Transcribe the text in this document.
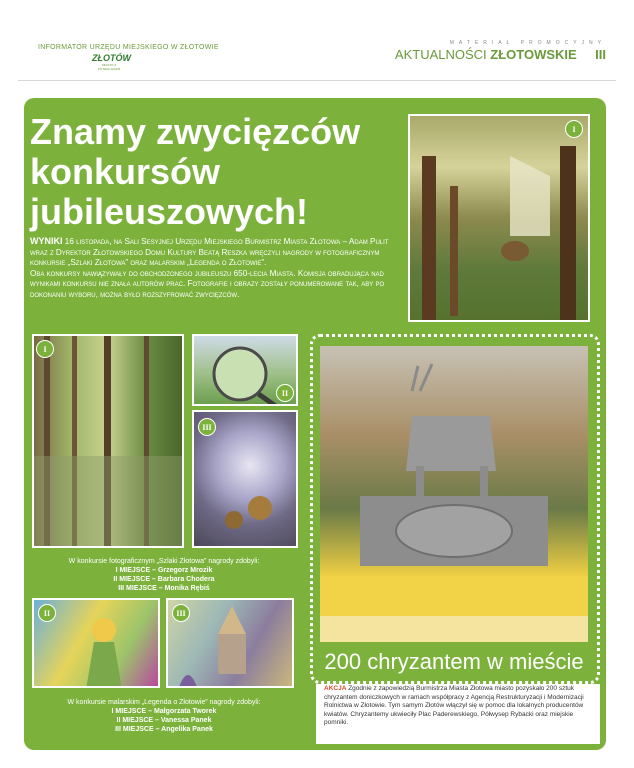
INFORMATOR URZĘDU MIEJSKIEGO W ZŁOTOWIE
ZŁOTÓW
MIASTO Z POTENCJAŁEM
MATERIAŁ PROMOCYJNY
AKTUALNOŚCI ZŁOTOWSKIE III
Znamy zwycięzców konkursów jubileuszowych!
WYNIKI 16 listopada, na Sali Sesyjnej Urzędu Miejskiego Burmistrz Miasta Złotowa – Adam Pulit wraz z Dyrektor Złotowskiego Domu Kultury Beatą Reszka wręczyli nagrody w fotograficznym konkursie „Szlaki Złotowa” oraz malarskim „Legenda o Złotowie”.
Oba konkursy nawiązywały do obchodzonego jubileuszu 650-lecia Miasta. Komisja obradująca nad wynikami konkursu nie znała autorów prac. Fotografie i obrazy zostały ponumerowane tak, aby po dokonaniu wyboru, można było rozszyfrować zwycięzców.
I
I
II
III
W konkursie fotograficznym „Szlaki Złotowa” nagrody zdobyli:
I MIEJSCE – Grzegorz Mrozik
II MIEJSCE – Barbara Chodera
III MIEJSCE – Monika Rębiś
II	III
W konkursie malarskim „Legenda o Złotowie” nagrody zdobyli:
I MIEJSCE – Małgorzata Tworek
II MIEJSCE – Vanessa Panek
III MIEJSCE – Angelika Panek
200 chryzantem w mieście
AKCJA Zgodnie z zapowiedzią Burmistrza Miasta Złotowa miasto pozyskało 200 sztuk chryzantem doniczkowych w ramach współpracy z Agencją Restrukturyzacji i Modernizacji Rolnictwa w Złotowie. Tym samym Złotów włączył się w pomoc dla lokalnych producentów kwiatów. Chryzantemy ukwieciły Plac Paderewskiego, Półwysep Rybacki oraz miejskie pomniki.
